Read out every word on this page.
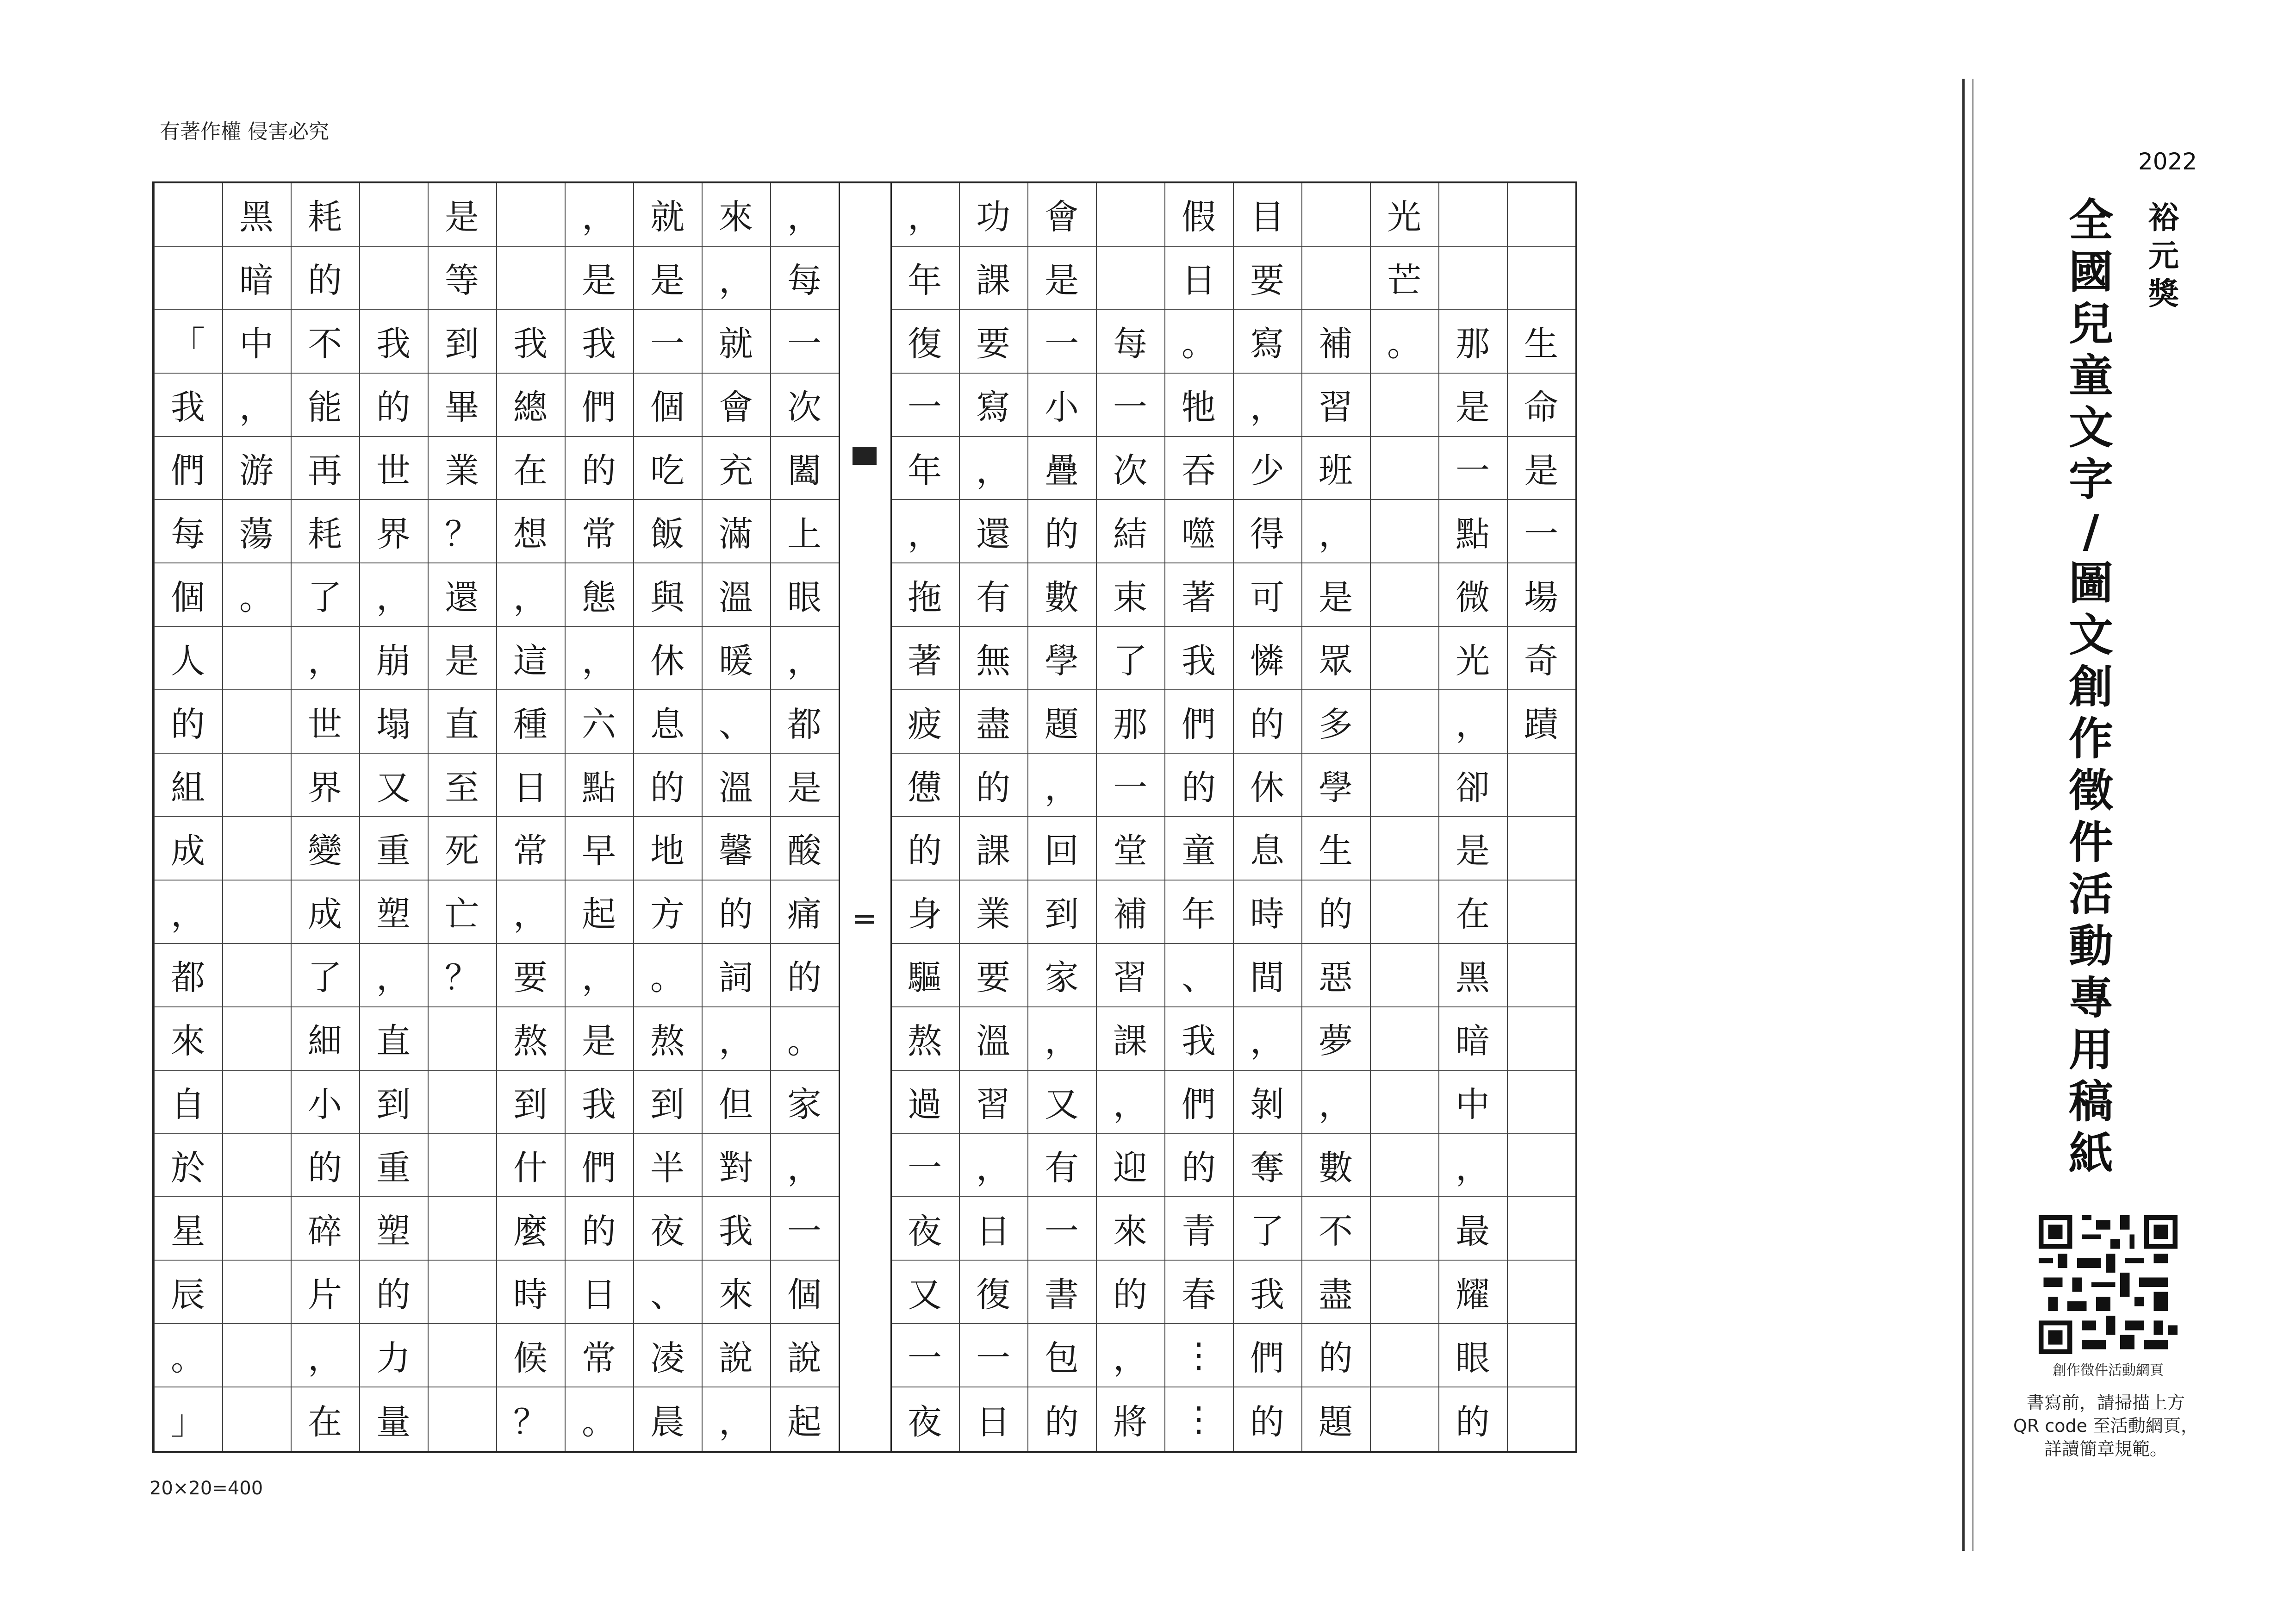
有著作權 侵害必究
生
命
是
一
場
奇
蹟
那
是
一
點
微
光
，
卻
是
在
黑
暗
中
，
最
耀
眼
的
光
芒
。
補
習
班
，
是
眾
多
學
生
的
惡
夢
，
數
不
盡
的
題
目
要
寫
，
少
得
可
憐
的
休
息
時
間
，
剝
奪
了
我
們
的
假
日
。
牠
吞
噬
著
我
們
的
童
年
、
我
們
的
青
春
⋮
⋮
每
一
次
結
束
了
那
一
堂
補
習
課
，
迎
來
的
，
將
會
是
一
小
疊
的
數
學
題
，
回
到
家
，
又
有
一
書
包
的
功
課
要
寫
，
還
有
無
盡
的
課
業
要
溫
習
，
日
復
一
日
，
年
復
一
年
，
拖
著
疲
憊
的
身
驅
熬
過
一
夜
又
一
夜
，
每
一
次
闔
上
眼
，
都
是
酸
痛
的
。
家
，
一
個
說
起
來
，
就
會
充
滿
溫
暖
、
溫
馨
的
詞
，
但
對
我
來
說
，
就
是
一
個
吃
飯
與
休
息
的
地
方
。
熬
到
半
夜
、
凌
晨
，
是
我
們
的
常
態
，
六
點
早
起
，
是
我
們
的
日
常
。
我
總
在
想
，
這
種
日
常
，
要
熬
到
什
麼
時
候
？
是
等
到
畢
業
？
還
是
直
至
死
亡
？
我
的
世
界
，
崩
塌
又
重
塑
，
直
到
重
塑
的
力
量
耗
的
不
能
再
耗
了
，
世
界
變
成
了
細
小
的
碎
片
，
在
黑
暗
中
，
游
蕩
。
「
我
們
每
個
人
的
組
成
，
都
來
自
於
星
辰
。
」
▀
=
20×20=400
2022
裕
元
獎
全
國
兒
童
文
字
/
圖
文
創
作
徵
件
活
動
專
用
稿
紙
創作徵件活動網頁
書寫前，請掃描上方
QR code 至活動網頁，
詳讀簡章規範。
